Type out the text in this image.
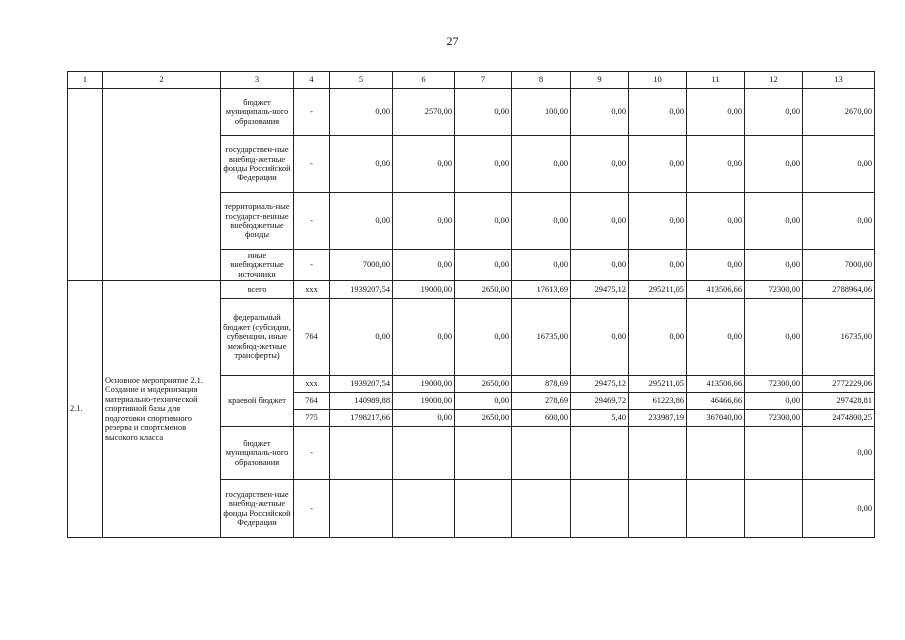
27
1	2	3	4	5	6	7	8	9	10	11	12	13
		бюджет муниципаль-ного образования	-	0,00	2570,00	0,00	100,00	0,00	0,00	0,00	0,00	2670,00
		государствен-ные внебюд-жетные фонды Российской Федерации	-	0,00	0,00	0,00	0,00	0,00	0,00	0,00	0,00	0,00
		территориаль-ные государст-венные внебюджетные фонды	-	0,00	0,00	0,00	0,00	0,00	0,00	0,00	0,00	0,00
		иные внебюджетные источники	-	7000,00	0,00	0,00	0,00	0,00	0,00	0,00	0,00	7000,00
2.1.	Основное мероприятие 2.1. Создание и модернизация материально-технической спортивной базы для подготовки спортивного резерва и спортсменов высокого класса	всего	ххх	1939207,54	19000,00	2650,00	17613,69	29475,12	295211,05	413506,66	72300,00	2788964,06
		федеральный бюджет (субсидии, субвенции, иные межбюд-жетные трансферты)	764	0,00	0,00	0,00	16735,00	0,00	0,00	0,00	0,00	16735,00
		краевой бюджет	ххх	1939207,54	19000,00	2650,00	878,69	29475,12	295211,05	413506,66	72300,00	2772229,06
			764	140989,88	19000,00	0,00	278,69	29469,72	61223,86	46466,66	0,00	297428,81
			775	1798217,66	0,00	2650,00	600,00	5,40	233987,19	367040,00	72300,00	2474800,25
		бюджет муниципаль-ного образования	-									0,00
		государствен-ные внебюд-жетные фонды Российской Федерации	-									0,00
